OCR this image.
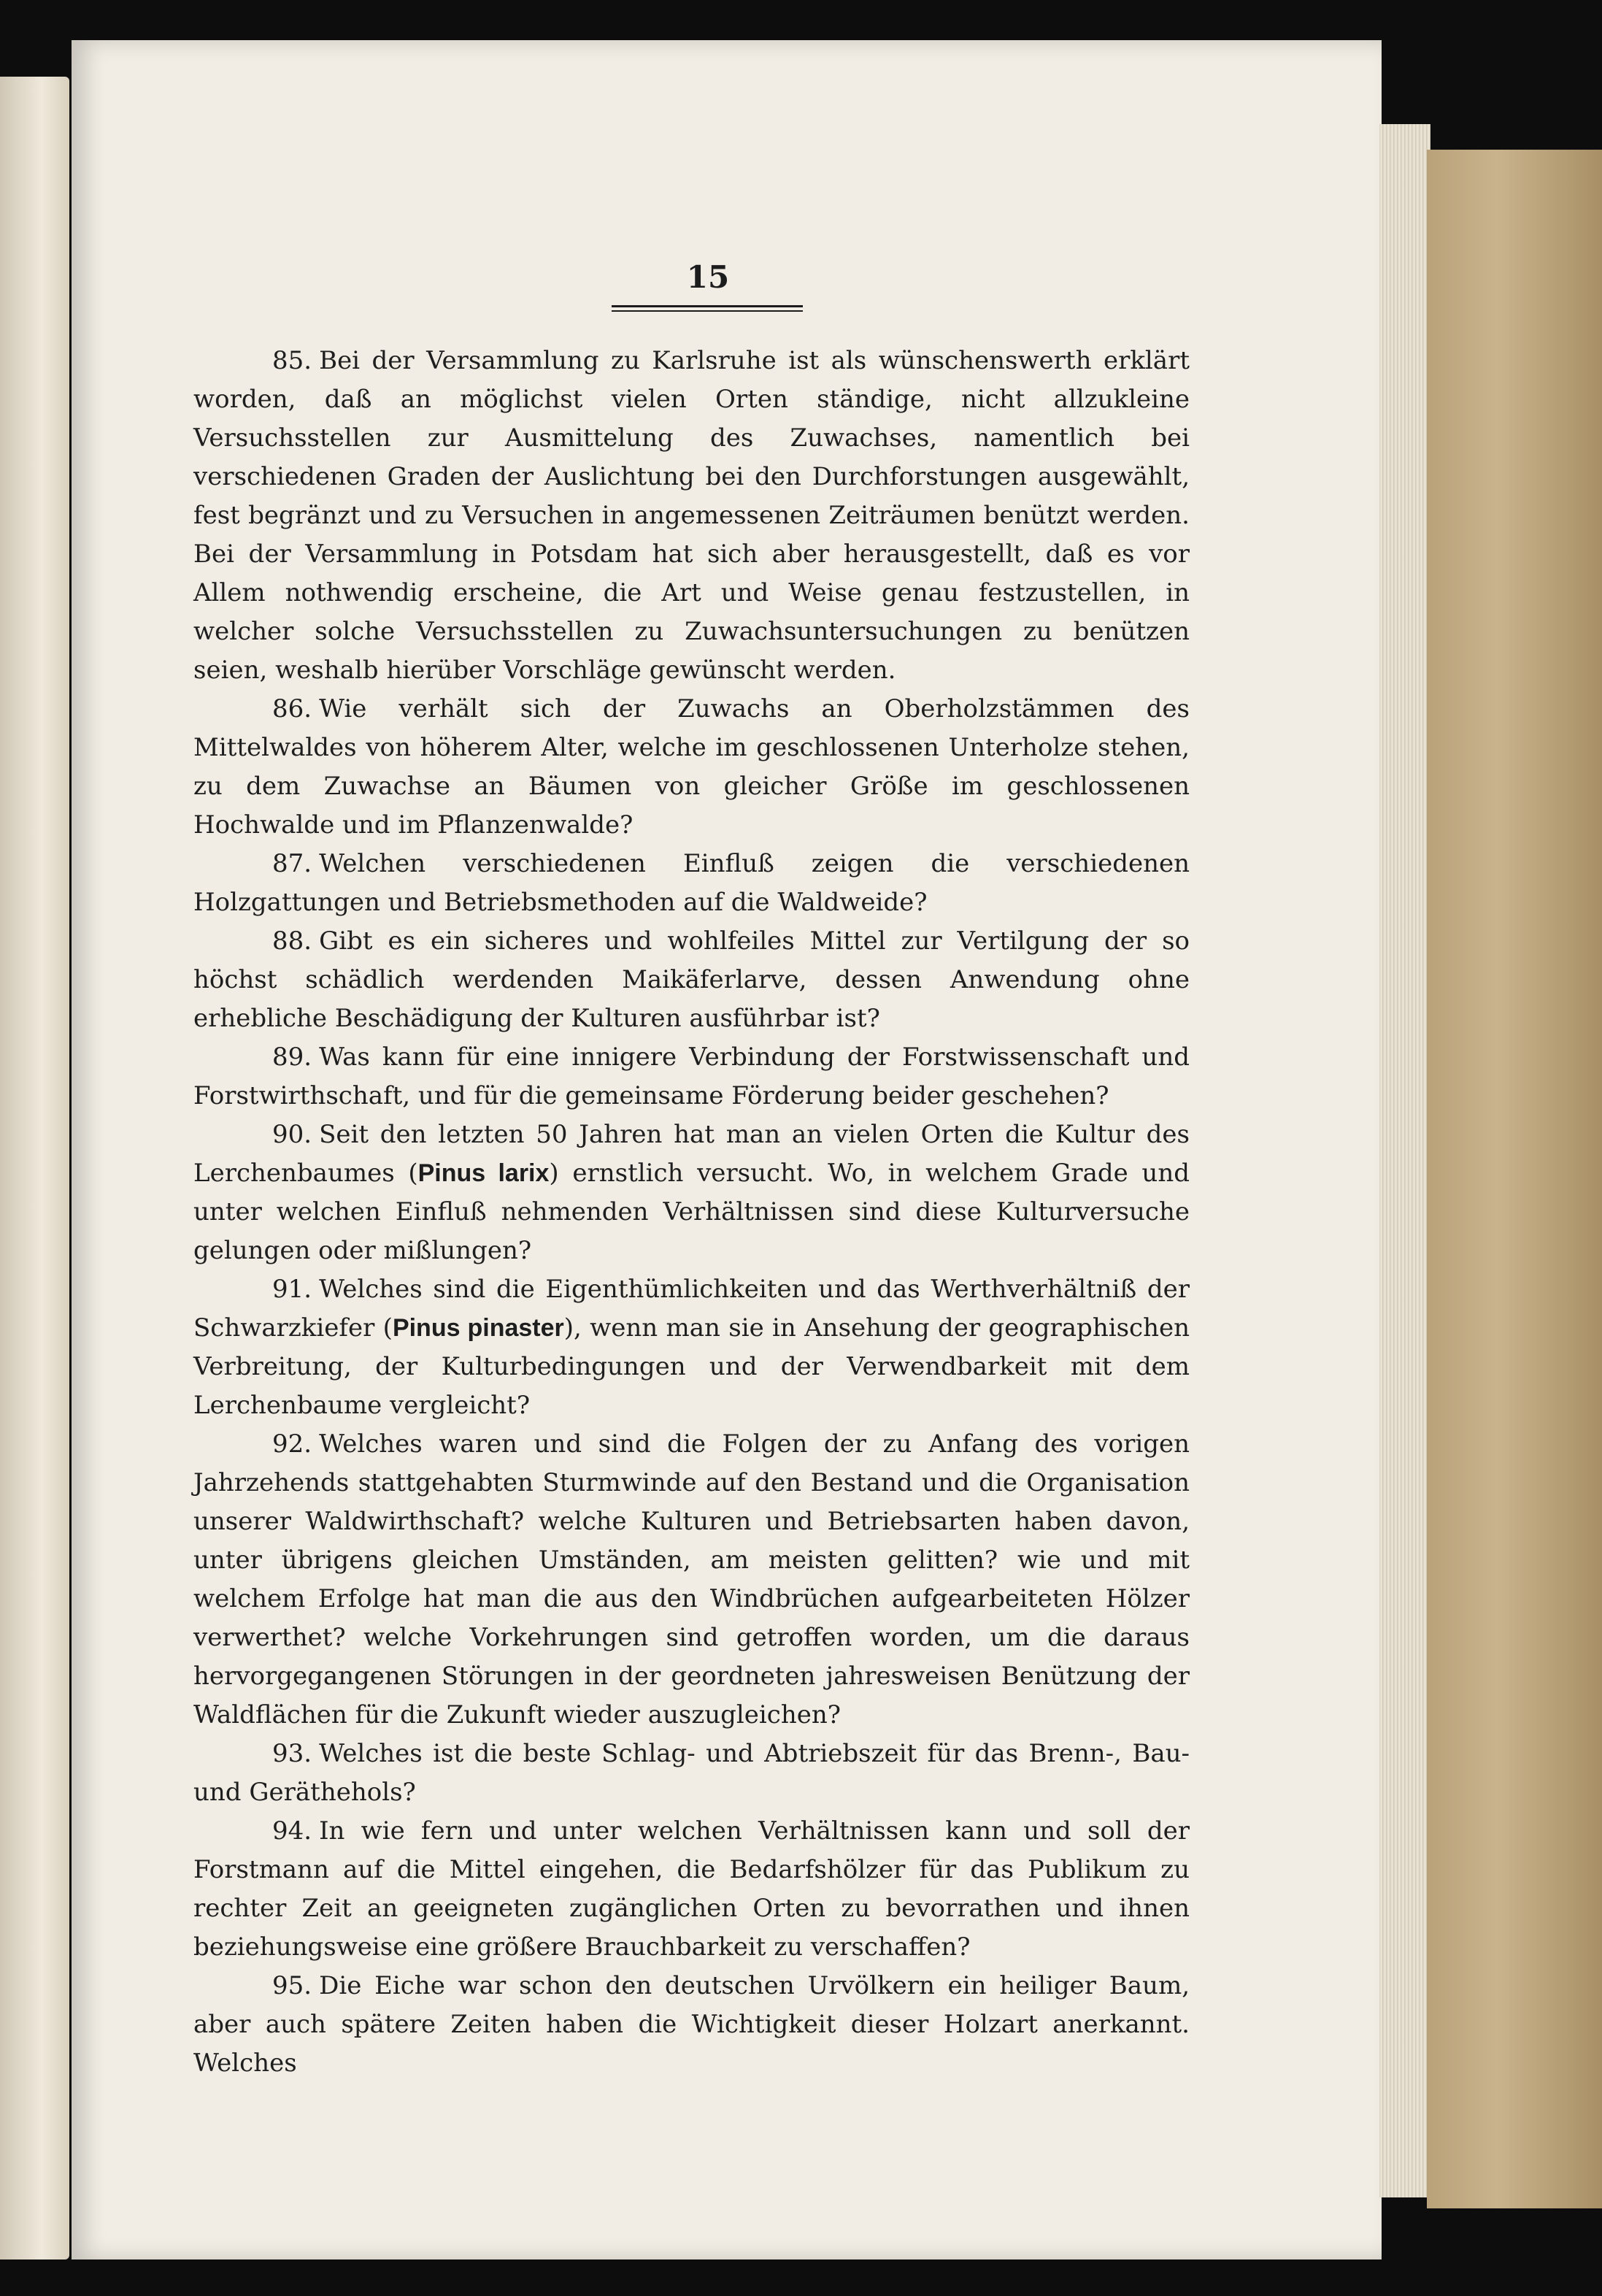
15

85. Bei der Versammlung zu Karlsruhe ist als wünschenswerth erklärt worden, daß an möglichst vielen Orten ständige, nicht allzukleine Versuchsstellen zur Ausmittelung des Zuwachses, namentlich bei verschiedenen Graden der Auslichtung bei den Durchforstungen ausgewählt, fest begränzt und zu Versuchen in angemessenen Zeiträumen benützt werden. Bei der Versammlung in Potsdam hat sich aber herausgestellt, daß es vor Allem nothwendig erscheine, die Art und Weise genau festzustellen, in welcher solche Versuchsstellen zu Zuwachsuntersuchungen zu benützen seien, weshalb hierüber Vorschläge gewünscht werden.

86. Wie verhält sich der Zuwachs an Oberholzstämmen des Mittelwaldes von höherem Alter, welche im geschlossenen Unterholze stehen, zu dem Zuwachse an Bäumen von gleicher Größe im geschlossenen Hochwalde und im Pflanzenwalde?

87. Welchen verschiedenen Einfluß zeigen die verschiedenen Holzgattungen und Betriebsmethoden auf die Waldweide?

88. Gibt es ein sicheres und wohlfeiles Mittel zur Vertilgung der so höchst schädlich werdenden Maikäferlarve, dessen Anwendung ohne erhebliche Beschädigung der Kulturen ausführbar ist?

89. Was kann für eine innigere Verbindung der Forstwissenschaft und Forstwirthschaft, und für die gemeinsame Förderung beider geschehen?

90. Seit den letzten 50 Jahren hat man an vielen Orten die Kultur des Lerchenbaumes (Pinus larix) ernstlich versucht. Wo, in welchem Grade und unter welchen Einfluß nehmenden Verhältnissen sind diese Kulturversuche gelungen oder mißlungen?

91. Welches sind die Eigenthümlichkeiten und das Werthverhältniß der Schwarzkiefer (Pinus pinaster), wenn man sie in Ansehung der geographischen Verbreitung, der Kulturbedingungen und der Verwendbarkeit mit dem Lerchenbaume vergleicht?

92. Welches waren und sind die Folgen der zu Anfang des vorigen Jahrzehends stattgehabten Sturmwinde auf den Bestand und die Organisation unserer Waldwirthschaft? welche Kulturen und Betriebsarten haben davon, unter übrigens gleichen Umständen, am meisten gelitten? wie und mit welchem Erfolge hat man die aus den Windbrüchen aufgearbeiteten Hölzer verwerthet? welche Vorkehrungen sind getroffen worden, um die daraus hervorgegangenen Störungen in der geordneten jahresweisen Benützung der Waldflächen für die Zukunft wieder auszugleichen?

93. Welches ist die beste Schlag- und Abtriebszeit für das Brenn-, Bau- und Geräthehols?

94. In wie fern und unter welchen Verhältnissen kann und soll der Forstmann auf die Mittel eingehen, die Bedarfshölzer für das Publikum zu rechter Zeit an geeigneten zugänglichen Orten zu bevorrathen und ihnen beziehungsweise eine größere Brauchbarkeit zu verschaffen?

95. Die Eiche war schon den deutschen Urvölkern ein heiliger Baum, aber auch spätere Zeiten haben die Wichtigkeit dieser Holzart anerkannt. Welches
